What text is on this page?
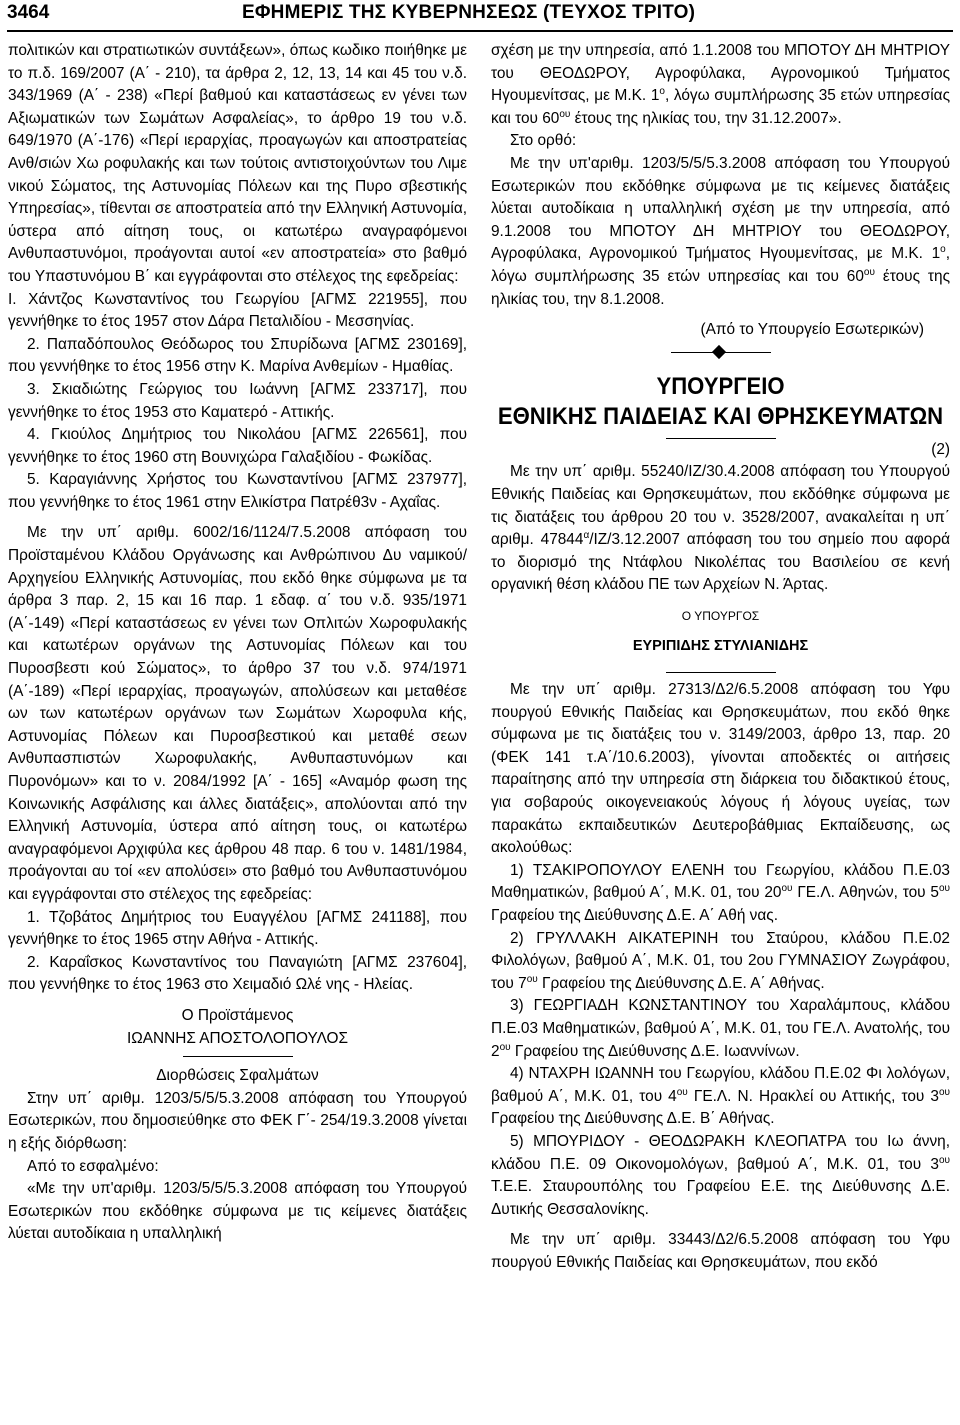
3464	ΕΦΗΜΕΡΙΣ ΤΗΣ ΚΥΒΕΡΝΗΣΕΩΣ (ΤΕΥΧΟΣ ΤΡΙΤΟ)

πολιτικών και στρατιωτικών συντάξεων», όπως κωδικο ποιήθηκε με το π.δ. 169/2007 (Α΄ - 210), τα άρθρα 2, 12, 13, 14 και 45 του ν.δ. 343/1969 (Α΄ - 238) «Περί βαθμού και καταστάσεως εν γένει των Αξιωματικών των Σωμάτων Ασφαλείας», το άρθρο 19 του ν.δ. 649/1970 (Α΄-176) «Περί ιεραρχίας, προαγωγών και αποστρατείας Ανθ/σιών Χω ροφυλακής και των τούτοις αντιστοιχούντων του Λιμε νικού Σώματος, της Αστυνομίας Πόλεων και της Πυρο σβεστικής Υπηρεσίας», τίθενται σε αποστρατεία από την Ελληνική Αστυνομία, ύστερα από αίτηση τους, οι κατωτέρω αναγραφόμενοι Ανθυπαστυνόμοι, προάγονται αυτοί «εν αποστρατεία» στο βαθμό του Υπαστυνόμου Β΄ και εγγράφονται στο στέλεχος της εφεδρείας:

Ι. Χάντζος Κωνσταντίνος του Γεωργίου [ΑΓΜΣ 221955], που γεννήθηκε το έτος 1957 στον Δάρα Πεταλιδίου - Μεσσηνίας.

2. Παπαδόπουλος Θεόδωρος του Σπυρίδωνα [ΑΓΜΣ 230169], που γεννήθηκε το έτος 1956 στην Κ. Μαρίνα Ανθεμίων - Ημαθίας.

3. Σκιαδιώτης Γεώργιος του Ιωάννη [ΑΓΜΣ 233717], που γεννήθηκε το έτος 1953 στο Καματερό - Αττικής.

4. Γκιούλος Δημήτριος του Νικολάου [ΑΓΜΣ 226561], που γεννήθηκε το έτος 1960 στη Βουνιχώρα Γαλαξιδίου - Φωκίδας.

5. Καραγιάννης Χρήστος του Κωνσταντίνου [ΑΓΜΣ 237977], που γεννήθηκε το έτος 1961 στην Ελικίστρα Πατρέθ3ν - Αχαΐας.

Με την υπ΄ αριθμ. 6002/16/1124/7.5.2008 απόφαση του Προϊσταμένου Κλάδου Οργάνωσης και Ανθρώπινου Δυ ναμικού/Αρχηγείου Ελληνικής Αστυνομίας, που εκδό θηκε σύμφωνα με τα άρθρα 3 παρ. 2, 15 και 16 παρ. 1 εδαφ. α΄ του ν.δ. 935/1971 (Α΄-149) «Περί καταστάσεως εν γένει των Οπλιτών Χωροφυλακής και κατωτέρων οργάνων της Αστυνομίας Πόλεων και του Πυροσβεστι κού Σώματος», το άρθρο 37 του ν.δ. 974/1971 (Α΄-189) «Περί ιεραρχίας, προαγωγών, απολύσεων και μεταθέσε ων των κατωτέρων οργάνων των Σωμάτων Χωροφυλα κής, Αστυνομίας Πόλεων και Πυροσβεστικού και μεταθέ σεων Ανθυπασπιστών Χωροφυλακής, Ανθυπαστυνόμων και Πυρονόμων» και το ν. 2084/1992 [Α΄ - 165] «Αναμόρ φωση της Κοινωνικής Ασφάλισης και άλλες διατάξεις», απολύονται από την Ελληνική Αστυνομία, ύστερα από αίτηση τους, οι κατωτέρω αναγραφόμενοι Αρχιφύλα κες άρθρου 48 παρ. 6 του ν. 1481/1984, προάγονται αυ τοί «εν απολύσει» στο βαθμό του Ανθυπαστυνόμου και εγγράφονται στο στέλεχος της εφεδρείας:

1. Τζοβάτος Δημήτριος του Ευαγγέλου [ΑΓΜΣ 241188], που γεννήθηκε το έτος 1965 στην Αθήνα - Αττικής.

2. Καραΐσκος Κωνσταντίνος του Παναγιώτη [ΑΓΜΣ 237604], που γεννήθηκε το έτος 1963 στο Χειμαδιό Ωλέ νης - Ηλείας.

Ο Προϊστάμενος

ΙΩΑΝΝΗΣ ΑΠΟΣΤΟΛΟΠΟΥΛΟΣ

Διορθώσεις Σφαλμάτων

Στην υπ΄ αριθμ. 1203/5/5/5.3.2008 απόφαση του Υπουργού Εσωτερικών, που δημοσιεύθηκε στο ΦΕΚ Γ΄- 254/19.3.2008 γίνεται η εξής διόρθωση:

Από το εσφαλμένο:

«Με την υπ'αριθμ. 1203/5/5/5.3.2008 απόφαση του Υπουργού Εσωτερικών που εκδόθηκε σύμφωνα με τις κείμενες διατάξεις λύεται αυτοδίκαια η υπαλληλική

σχέση με την υπηρεσία, από 1.1.2008 του ΜΠΟΤΟΥ ΔΗ ΜΗΤΡΙΟΥ του ΘΕΟΔΩΡΟΥ, Αγροφύλακα, Αγρονομικού Τμήματος Ηγουμενίτσας, με Μ.Κ. $1^o$, λόγω συμπλήρωσης 35 ετών υπηρεσίας και του $60^{o\upsilon}$ έτους της ηλικίας του, την 31.12.2007».

Στο ορθό:

Με την υπ'αριθμ. 1203/5/5/5.3.2008 απόφαση του Υπουργού Εσωτερικών που εκδόθηκε σύμφωνα με τις κείμενες διατάξεις λύεται αυτοδίκαια η υπαλληλική σχέση με την υπηρεσία, από 9.1.2008 του ΜΠΟΤΟΥ ΔΗ ΜΗΤΡΙΟΥ του ΘΕΟΔΩΡΟΥ, Αγροφύλακα, Αγρονομικού Τμήματος Ηγουμενίτσας, με Μ.Κ. $1^o$, λόγω συμπλήρωσης 35 ετών υπηρεσίας και του $60^{o\upsilon}$ έτους της ηλικίας του, την 8.1.2008.

(Από το Υπουργείο Εσωτερικών)

ΥΠΟΥΡΓΕΙΟ
ΕΘΝΙΚΗΣ ΠΑΙΔΕΙΑΣ ΚΑΙ ΘΡΗΣΚΕΥΜΑΤΩΝ

(2)

Με την υπ΄ αριθμ. 55240/ΙΖ/30.4.2008 απόφαση του Υπουργού Εθνικής Παιδείας και Θρησκευμάτων, που εκδόθηκε σύμφωνα με τις διατάξεις του άρθρου 20 του ν. 3528/2007, ανακαλείται η υπ΄ αριθμ. $47844^\alpha/IZ/3.12.2007$ απόφαση του του σημείο που αφορά το διορισμό της Ντάφλου Νικολέπας του Βασιλείου σε κενή οργανική θέση κλάδου ΠΕ των Αρχείων Ν. Άρτας.

Ο ΥΠΟΥΡΓΟΣ

ΕΥΡΙΠΙΔΗΣ ΣΤΥΛΙΑΝΙΔΗΣ

Με την υπ΄ αριθμ. 27313/Δ2/6.5.2008 απόφαση του Υφυ πουργού Εθνικής Παιδείας και Θρησκευμάτων, που εκδό θηκε σύμφωνα με τις διατάξεις του ν. 3149/2003, άρθρο 13, παρ. 20 (ΦΕΚ 141 τ.Α΄/10.6.2003), γίνονται αποδεκτές οι αιτήσεις παραίτησης από την υπηρεσία στη διάρκεια του διδακτικού έτους, για σοβαρούς οικογενειακούς λόγους ή λόγους υγείας, των παρακάτω εκπαιδευτικών Δευτεροβάθμιας Εκπαίδευσης, ως ακολούθως:

1) ΤΣΑΚΙΡΟΠΟΥΛΟΥ ΕΛΕΝΗ του Γεωργίου, κλάδου Π.Ε.03 Μαθηματικών, βαθμού Α΄, Μ.Κ. 01, του $20^{o\upsilon}$ ΓΕ.Λ. Αθηνών, του $5^{o\upsilon}$ Γραφείου της Διεύθυνσης Δ.Ε. Α΄ Αθή νας.

2) ΓΡΥΛΛΑΚΗ ΑΙΚΑΤΕΡΙΝΗ του Σταύρου, κλάδου Π.Ε.02 Φιλολόγων, βαθμού Α΄, Μ.Κ. 01, του 2ου ΓΥΜΝΑΣΙΟΥ Ζωγράφου, του $7^{o\upsilon}$ Γραφείου της Διεύθυνσης Δ.Ε. Α΄ Αθήνας.

3) ΓΕΩΡΓΙΑΔΗ ΚΩΝΣΤΑΝΤΙΝΟΥ του Χαραλάμπους, κλάδου Π.Ε.03 Μαθηματικών, βαθμού Α΄, Μ.Κ. 01, του ΓΕ.Λ. Ανατολής, του $2^{o\upsilon}$ Γραφείου της Διεύθυνσης Δ.Ε. Ιωαννίνων.

4) ΝΤΑΧΡΗ ΙΩΑΝΝΗ του Γεωργίου, κλάδου Π.Ε.02 Φι λολόγων, βαθμού Α΄, Μ.Κ. 01, του $4^{o\upsilon}$ ΓΕ.Λ. Ν. Ηρακλεί ου Αττικής, του $3^{o\upsilon}$ Γραφείου της Διεύθυνσης Δ.Ε. Β΄ Αθήνας.

5) ΜΠΟΥΡΙΔΟΥ - ΘΕΟΔΩΡΑΚΗ ΚΛΕΟΠΑΤΡΑ του Ιω άννη, κλάδου Π.Ε. 09 Οικονομολόγων, βαθμού Α΄, Μ.Κ. 01, του $3^{o\upsilon}$ Τ.Ε.Ε. Σταυρουπόλης του Γραφείου Ε.Ε. της Διεύθυνσης Δ.Ε. Δυτικής Θεσσαλονίκης.

Με την υπ΄ αριθμ. 33443/Δ2/6.5.2008 απόφαση του Υφυ πουργού Εθνικής Παιδείας και Θρησκευμάτων, που εκδό
